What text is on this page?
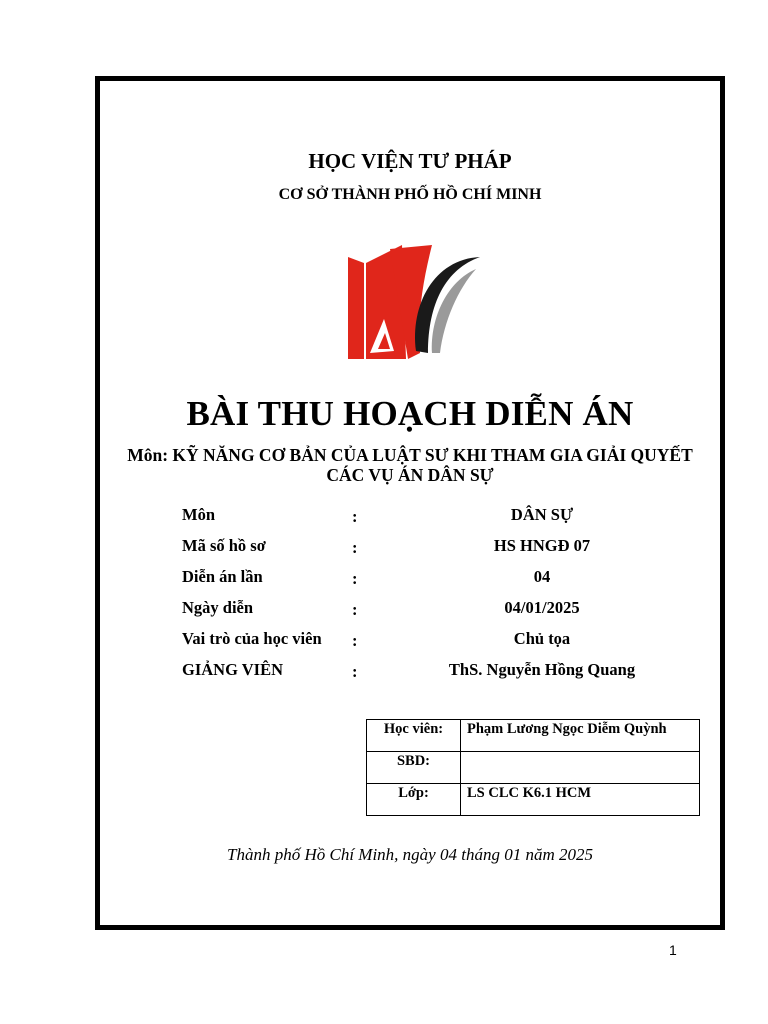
HỌC VIỆN TƯ PHÁP
CƠ SỞ THÀNH PHỐ HỒ CHÍ MINH
BÀI THU HOẠCH DIỄN ÁN
Môn: KỸ NĂNG CƠ BẢN CỦA LUẬT SƯ KHI THAM GIA GIẢI QUYẾT
CÁC VỤ ÁN DÂN SỰ
Môn	:	DÂN SỰ
Mã số hồ sơ	:	HS HNGĐ 07
Diễn án lần	:	04
Ngày diễn	:	04/01/2025
Vai trò của học viên :	Chủ tọa
GIẢNG VIÊN	:	ThS. Nguyễn Hồng Quang
Học viên:	Phạm Lương Ngọc Diễm Quỳnh
SBD:	
Lớp:	LS CLC K6.1 HCM
Thành phố Hồ Chí Minh, ngày 04 tháng 01 năm 2025
1
